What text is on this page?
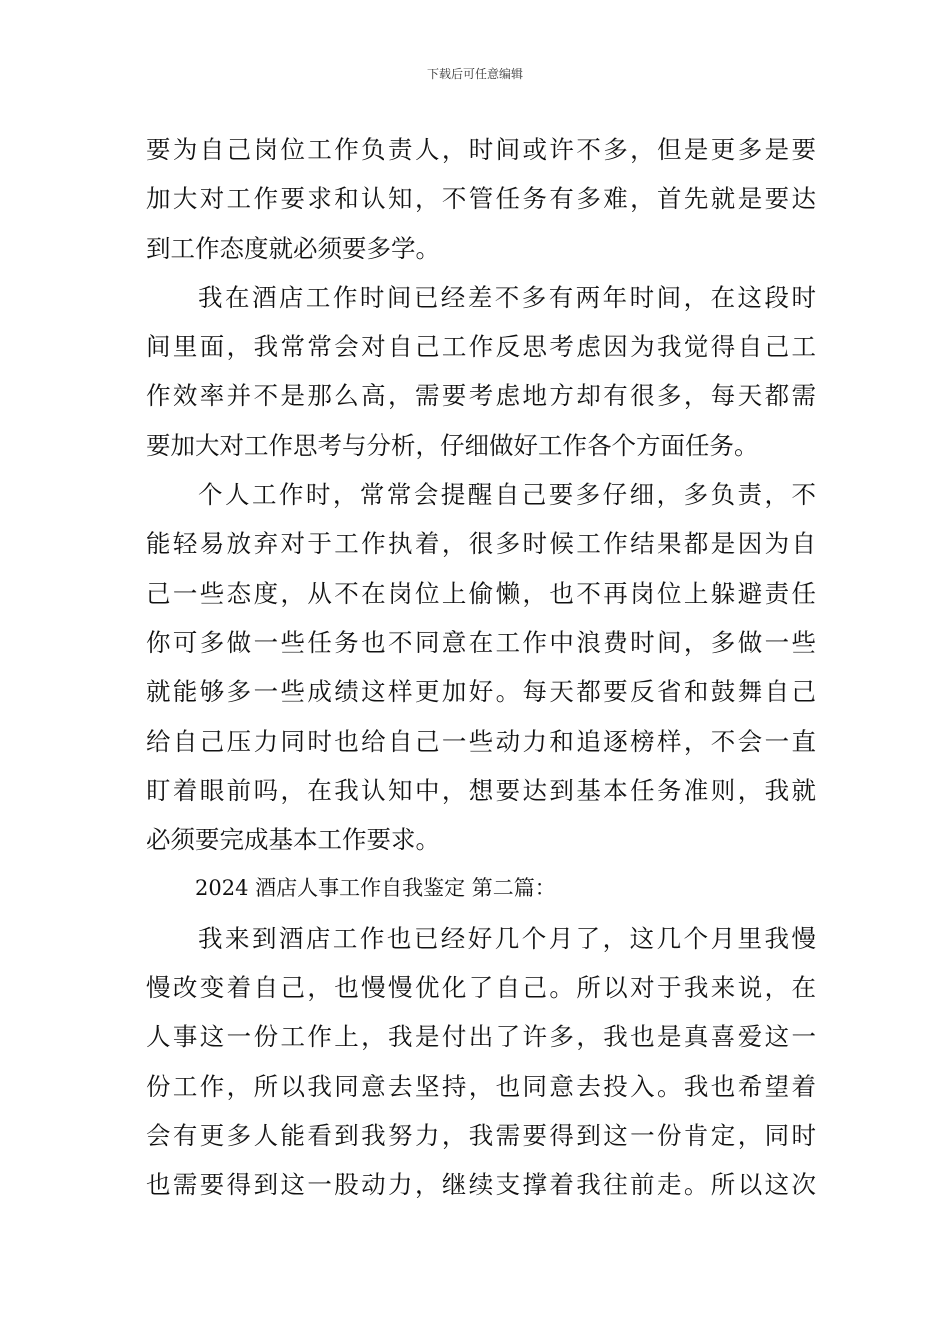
下载后可任意编辑
要为自己岗位工作负责人，时间或许不多，但是更多是要
加大对工作要求和认知，不管任务有多难，首先就是要达
到工作态度就必须要多学。
我在酒店工作时间已经差不多有两年时间，在这段时
间里面，我常常会对自己工作反思考虑因为我觉得自己工
作效率并不是那么高，需要考虑地方却有很多，每天都需
要加大对工作思考与分析，仔细做好工作各个方面任务。
个人工作时，常常会提醒自己要多仔细，多负责，不
能轻易放弃对于工作执着，很多时候工作结果都是因为自
己一些态度，从不在岗位上偷懒，也不再岗位上躲避责任
你可多做一些任务也不同意在工作中浪费时间，多做一些
就能够多一些成绩这样更加好。每天都要反省和鼓舞自己
给自己压力同时也给自己一些动力和追逐榜样，不会一直
盯着眼前吗，在我认知中，想要达到基本任务准则，我就
必须要完成基本工作要求。
2024 酒店人事工作自我鉴定 第二篇：
我来到酒店工作也已经好几个月了，这几个月里我慢
慢改变着自己，也慢慢优化了自己。所以对于我来说，在
人事这一份工作上，我是付出了许多，我也是真喜爱这一
份工作，所以我同意去坚持，也同意去投入。我也希望着
会有更多人能看到我努力，我需要得到这一份肯定，同时
也需要得到这一股动力，继续支撑着我往前走。所以这次
